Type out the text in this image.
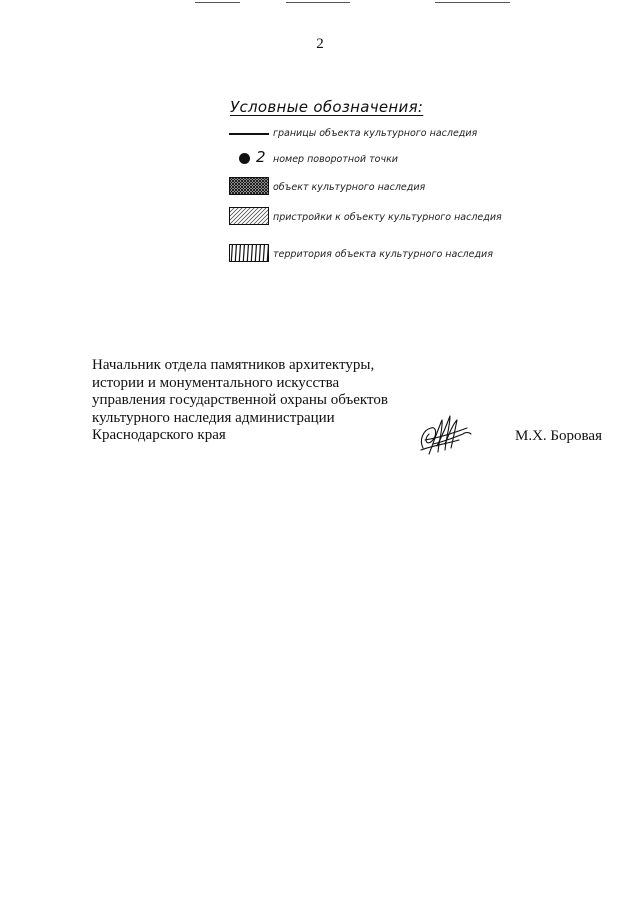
2
Условные обозначения:
границы объекта культурного наследия
2 номер поворотной точки
объект культурного наследия
пристройки к объекту культурного наследия
территория объекта культурного наследия
Начальник отдела памятников архитектуры,
истории и монументального искусства
управления государственной охраны объектов
культурного наследия администрации
Краснодарского края	М.Х. Боровая
